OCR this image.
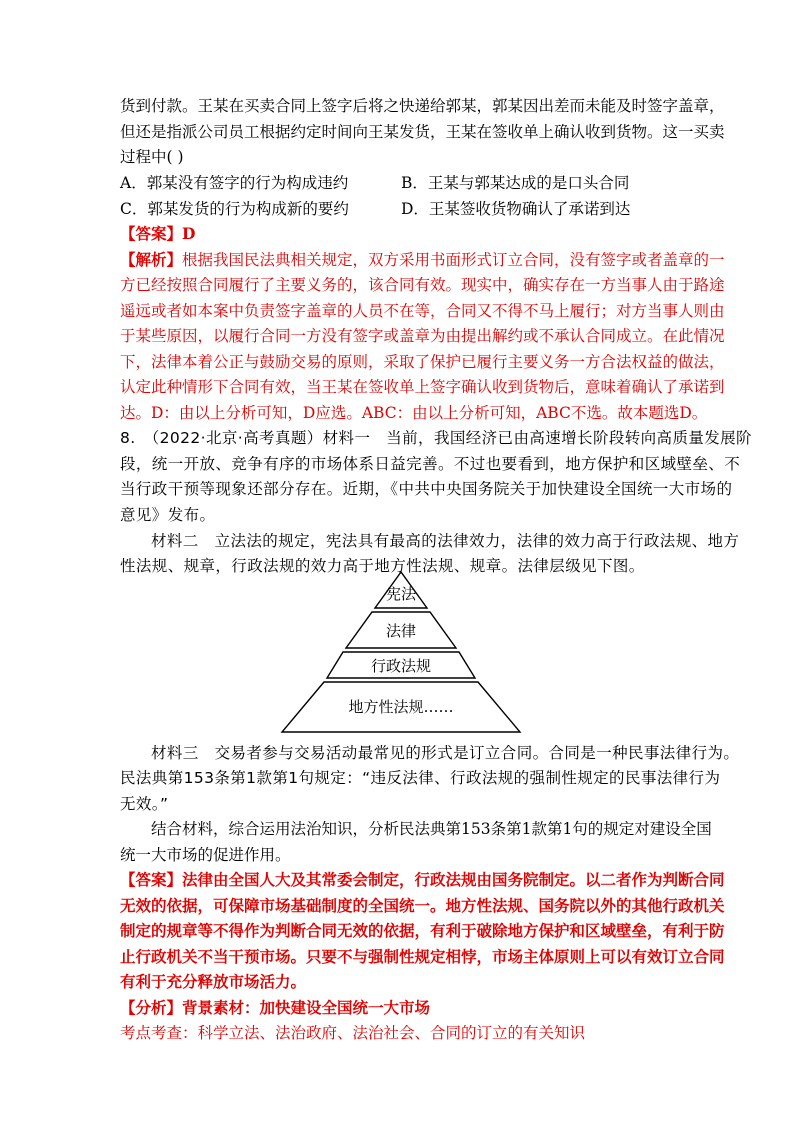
货到付款。王某在买卖合同上签字后将之快递给郭某，郭某因出差而未能及时签字盖章，
但还是指派公司员工根据约定时间向王某发货，王某在签收单上确认收到货物。这一买卖
过程中( )
A．郭某没有签字的行为构成违约	B．王某与郭某达成的是口头合同
C．郭某发货的行为构成新的要约	D．王某签收货物确认了承诺到达
【答案】D
【解析】根据我国民法典相关规定，双方采用书面形式订立合同，没有签字或者盖章的一
方已经按照合同履行了主要义务的，该合同有效。现实中，确实存在一方当事人由于路途
遥远或者如本案中负责签字盖章的人员不在等，合同又不得不马上履行；对方当事人则由
于某些原因，以履行合同一方没有签字或盖章为由提出解约或不承认合同成立。在此情况
下，法律本着公正与鼓励交易的原则，采取了保护已履行主要义务一方合法权益的做法，
认定此种情形下合同有效，当王某在签收单上签字确认收到货物后，意味着确认了承诺到
达。D：由以上分析可知，D应选。ABC：由以上分析可知，ABC不选。故本题选D。
8.　（2022·北京·高考真题）材料一　当前，我国经济已由高速增长阶段转向高质量发展阶
段，统一开放、竞争有序的市场体系日益完善。不过也要看到，地方保护和区域壁垒、不
当行政干预等现象还部分存在。近期，《中共中央国务院关于加快建设全国统一大市场的
意见》发布。
材料二　立法法的规定，宪法具有最高的法律效力，法律的效力高于行政法规、地方
性法规、规章，行政法规的效力高于地方性法规、规章。法律层级见下图。
宪法
法律
行政法规
地方性法规……
材料三　交易者参与交易活动最常见的形式是订立合同。合同是一种民事法律行为。
民法典第153条第1款第1句规定：“违反法律、行政法规的强制性规定的民事法律行为
无效。”
结合材料，综合运用法治知识，分析民法典第153条第1款第1句的规定对建设全国
统一大市场的促进作用。
【答案】法律由全国人大及其常委会制定，行政法规由国务院制定。以二者作为判断合同
无效的依据，可保障市场基础制度的全国统一。地方性法规、国务院以外的其他行政机关
制定的规章等不得作为判断合同无效的依据，有利于破除地方保护和区域壁垒，有利于防
止行政机关不当干预市场。只要不与强制性规定相悖，市场主体原则上可以有效订立合同
有利于充分释放市场活力。
【分析】背景素材：加快建设全国统一大市场
考点考查：科学立法、法治政府、法治社会、合同的订立的有关知识
